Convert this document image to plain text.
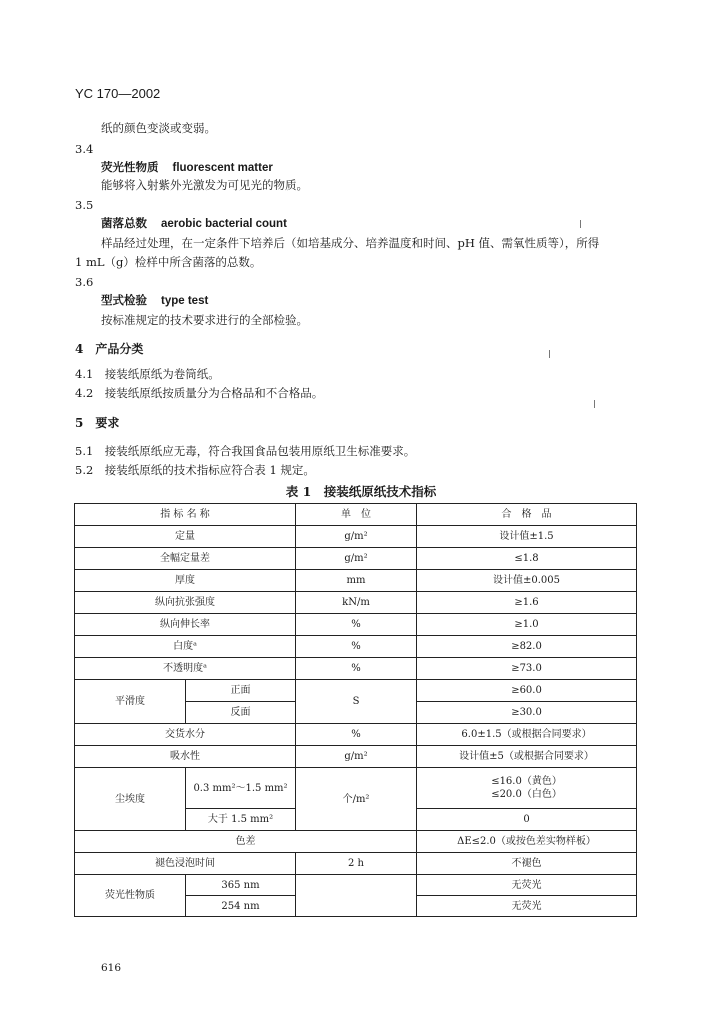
YC 170—2002
纸的颜色变淡或变弱。
3.4
荧光性物质 fluorescent matter
能够将入射紫外光激发为可见光的物质。
3.5
菌落总数 aerobic bacterial count
样品经过处理，在一定条件下培养后（如培基成分、培养温度和时间、pH 值、需氧性质等），所得
1 mL（g）检样中所含菌落的总数。
3.6
型式检验 type test
按标准规定的技术要求进行的全部检验。
4　产品分类
4.1　接装纸原纸为卷筒纸。
4.2　接装纸原纸按质量分为合格品和不合格品。
5　要求
5.1　接装纸原纸应无毒，符合我国食品包装用原纸卫生标准要求。
5.2　接装纸原纸的技术指标应符合表 1 规定。
表 1　接装纸原纸技术指标
指 标 名 称		单　位	合　格　品
定量		g/m²	设计值±1.5
全幅定量差		g/m²	≤1.8
厚度		mm	设计值±0.005
纵向抗张强度		kN/m	≥1.6
纵向伸长率		%	≥1.0
白度ᵃ		%	≥82.0
不透明度ᵃ		%	≥73.0
平滑度	正面	S	≥60.0
	反面		≥30.0
交货水分		%	6.0±1.5（或根据合同要求）
吸水性		g/m²	设计值±5（或根据合同要求）
尘埃度	0.3 mm²～1.5 mm²	个/m²	≤16.0（黄色）
≤20.0（白色）

	大于 1.5 mm²		0
色差			ΔE≤2.0（或按色差实物样板）
褪色浸泡时间		2 h	不褪色
荧光性物质	365 nm		无荧光
	254 nm		无荧光
616
